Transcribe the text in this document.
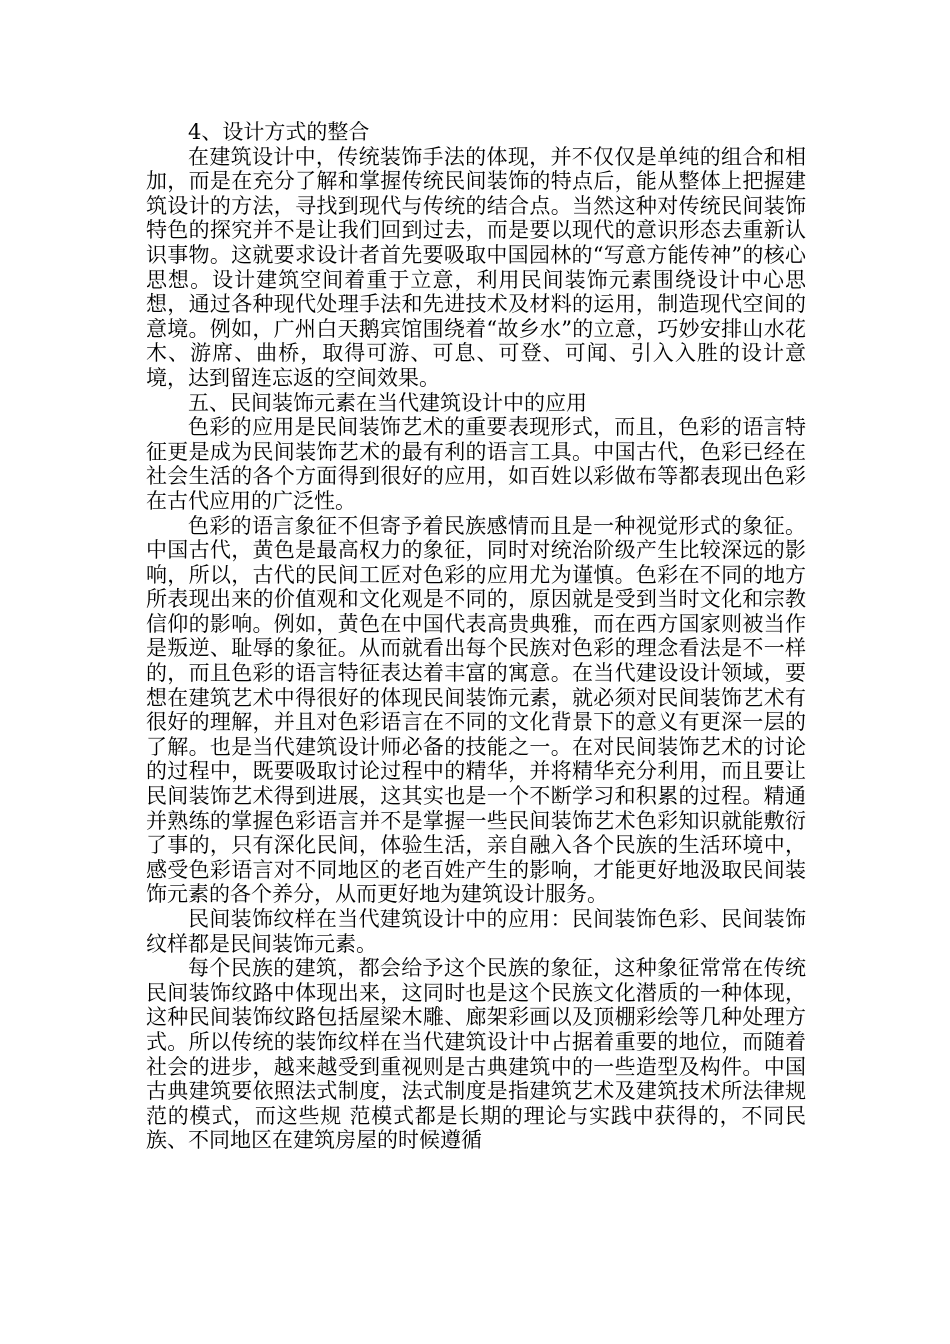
4、设计方式的整合

在建筑设计中，传统装饰手法的体现，并不仅仅是单纯的组合和相加，而是在充分了解和掌握传统民间装饰的特点后，能从整体上把握建筑设计的方法，寻找到现代与传统的结合点。当然这种对传统民间装饰特色的探究并不是让我们回到过去，而是要以现代的意识形态去重新认识事物。这就要求设计者首先要吸取中国园林的“写意方能传神”的核心思想。设计建筑空间着重于立意，利用民间装饰元素围绕设计中心思想，通过各种现代处理手法和先进技术及材料的运用，制造现代空间的意境。例如，广州白天鹅宾馆围绕着“故乡水”的立意，巧妙安排山水花木、游席、曲桥，取得可游、可息、可登、可闻、引入入胜的设计意境，达到留连忘返的空间效果。

五、民间装饰元素在当代建筑设计中的应用

色彩的应用是民间装饰艺术的重要表现形式，而且，色彩的语言特征更是成为民间装饰艺术的最有利的语言工具。中国古代，色彩已经在社会生活的各个方面得到很好的应用，如百姓以彩做布等都表现出色彩在古代应用的广泛性。

色彩的语言象征不但寄予着民族感情而且是一种视觉形式的象征。中国古代，黄色是最高权力的象征，同时对统治阶级产生比较深远的影响，所以，古代的民间工匠对色彩的应用尤为谨慎。色彩在不同的地方所表现出来的价值观和文化观是不同的，原因就是受到当时文化和宗教信仰的影响。例如，黄色在中国代表高贵典雅，而在西方国家则被当作是叛逆、耻辱的象征。从而就看出每个民族对色彩的理念看法是不一样的，而且色彩的语言特征表达着丰富的寓意。在当代建设设计领域，要想在建筑艺术中得很好的体现民间装饰元素，就必须对民间装饰艺术有很好的理解，并且对色彩语言在不同的文化背景下的意义有更深一层的了解。也是当代建筑设计师必备的技能之一。在对民间装饰艺术的讨论的过程中，既要吸取讨论过程中的精华，并将精华充分利用，而且要让民间装饰艺术得到进展，这其实也是一个不断学习和积累的过程。精通并熟练的掌握色彩语言并不是掌握一些民间装饰艺术色彩知识就能敷衍了事的，只有深化民间，体验生活，亲自融入各个民族的生活环境中，感受色彩语言对不同地区的老百姓产生的影响，才能更好地汲取民间装饰元素的各个养分，从而更好地为建筑设计服务。

民间装饰纹样在当代建筑设计中的应用：民间装饰色彩、民间装饰纹样都是民间装饰元素。

每个民族的建筑，都会给予这个民族的象征，这种象征常常在传统民间装饰纹路中体现出来，这同时也是这个民族文化潜质的一种体现，这种民间装饰纹路包括屋梁木雕、廊架彩画以及顶棚彩绘等几种处理方式。所以传统的装饰纹样在当代建筑设计中占据着重要的地位，而随着社会的进步，越来越受到重视则是古典建筑中的一些造型及构件。中国古典建筑要依照法式制度，法式制度是指建筑艺术及建筑技术所法律规范的模式，而这些规 范模式都是长期的理论与实践中获得的，不同民族、不同地区在建筑房屋的时候遵循
